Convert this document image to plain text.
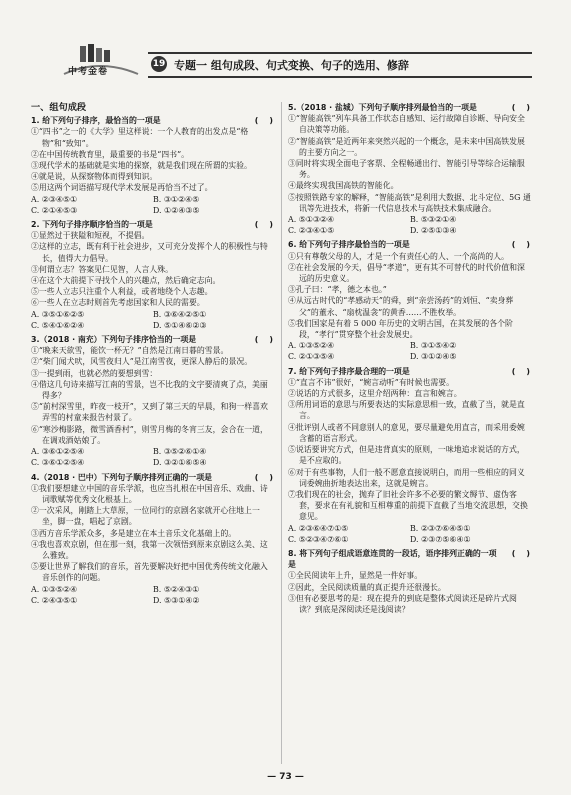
中考金卷
19 专题一 组句成段、句式变换、句子的选用、修辞
一、组句成段
1. 给下列句子排序，最恰当的一项是	(    )
①“四书”之一的《大学》里这样说：一个人教育的出发点是“格物”和“致知”。
②在中国传统教育里，最重要的书是“四书”。
③现代学术的基础就是实地的探察，就是我们现在所谓的实验。
④就是说，从探察物体而得到知识。
⑤用这两个词语描写现代学术发展是再恰当不过了。
A. ②③④⑤①	B. ③①②④⑤
C. ②①④⑤③	D. ①②④③⑤
2. 下列句子排序顺序恰当的一项是	(    )
①显然过于狭隘和短视，不提倡。
②这样的立志，既有利于社会进步，又可充分发挥个人的积极性与特长，值得大力倡导。
③何谓立志？答案见仁见智，人言人殊。
④在这个大前提下寻找个人的兴趣点，然后确定志向。
⑤一些人立志只注重个人利益，或者地绕个人志趣。
⑥一些人在立志时则首先考虑国家和人民的需要。
A. ③⑤①⑥②⑤	B. ③⑥④②⑤①
C. ⑤④①⑥②④	D. ⑤①④⑥②③
3.（2018 · 南充）下列句子排序恰当的一项是	(    )
①“晚来天欲雪，能饮一杯无？”自然是江南日暮的雪景。
②“柴门闻犬吠，风雪夜归人”是江南雪夜，更深人静后的景况。
③一提到雨，也就必然的要想到雪：
④借这几句诗来描写江南的雪景，岂不比我的文字要清爽了点，美丽得多？
⑤“前村深雪里，昨夜一枝开”，又到了第三天的早晨，和狗一样喜欢弄雪的村童来报告村景了。
⑥“寒沙梅影路，微雪酒香村”，则雪月梅的冬宵三友，会合在一道，在调戏酒姑娘了。
A. ③⑥①②⑤④	B. ③⑤②⑥①④
C. ③⑥①②⑤④	D. ③②①⑥⑤④
4.（2018 · 巴中）下列句子顺序排列正确的一项是	(    )
①我们要想建立中国的音乐学派，也应当扎根在中国音乐、戏曲、诗词歌赋等优秀文化根基上。
②一次采风，刚踏上大草原，一位同行的京剧名家就开心往地上一坐，脚一盘，唱起了京剧。
③西方音乐学派众多，多是建立在本土音乐文化基础上的。
④我也喜欢京剧，但在那一刻，我第一次领悟到原来京剧这么美、这么雅致。
⑤要让世界了解我们的音乐，首先要解决好把中国优秀传统文化融入音乐创作的问题。
A. ①③⑤②④	B. ⑤②④③①
C. ②④③⑤①	D. ⑤③①④②
5.（2018 · 盐城）下列句子顺序排列最恰当的一项是	(    )
①“智能高铁”列车具备工作状态自感知、运行故障自诊断、导向安全自决策等功能。
②“智能高铁”是近两年来突然兴起的一个概念，是未来中国高铁发展的主要方向之一。
③同时将实现全面电子客票、全程畅通出行、智能引导等综合运输服务。
④最终实现我国高铁的智能化。
⑤按照铁路专家的解释，“智能高铁”是利用大数据、北斗定位、5G 通讯等先进技术，将新一代信息技术与高铁技术集成融合。
A. ⑤①③②④	B. ⑤③②①④
C. ②③④①⑤	D. ②⑤①③④
6. 给下列句子排序最恰当的一项是	(    )
①只有尊敬父母的人，才是一个有责任心的人、一个高尚的人。
②在社会发展的今天，倡导“孝道”，更有其不可替代的时代价值和深远的历史意义。
③孔子曰：“孝，德之本也。”
④从远古时代的“孝感动天”的舜，到“亲尝汤药”的刘恒、“卖身葬父”的董永、“扇枕温衾”的黄香……不胜枚举。
⑤我们国家是有着 5 000 年历史的文明古国，在其发展的各个阶段，“孝行”贯穿整个社会发展史。
A. ①③⑤②④	B. ③①⑤④②
C. ②①③⑤④	D. ③①②④⑤
7. 给下列句子排序最合理的一项是	(    )
①“直言不讳”很好，“婉言动听”有时候也需要。
②说话的方式很多，这里介绍两种：直言和婉言。
③所用词语的意思与所要表达的实际意思相一致，直截了当，就是直言。
④批评别人或者不同意别人的意见，要尽量避免用直言，而采用委婉含蓄的语言形式。
⑤说话要讲究方式，但是违背真实的原则，一味地追求说话的方式，是不应取的。
⑥对于有些事物，人们一般不愿意直接说明白，而用一些相应的同义词委婉曲折地表达出来，这就是婉言。
⑦我们现在的社会，抛弃了旧社会许多不必要的繁文缛节、虚伪客套，要求在有礼貌和互相尊重的前提下直截了当地交流思想，交换意见。
A. ②③⑥④⑦①⑤	B. ②③⑦⑥④⑤①
C. ⑤②③④⑦⑥①	D. ②③⑦⑤⑥④①
8. 将下列句子组成语意连贯的一段话，语序排列正确的一项是
(    )
①全民阅读年上升，显然是一件好事。
②因此，全民阅读质量的真正提升还很漫长。
③但有必要思考的是：现在提升的到底是整体式阅读还是碎片式阅读？到底是深阅读还是浅阅读？
— 73 —
